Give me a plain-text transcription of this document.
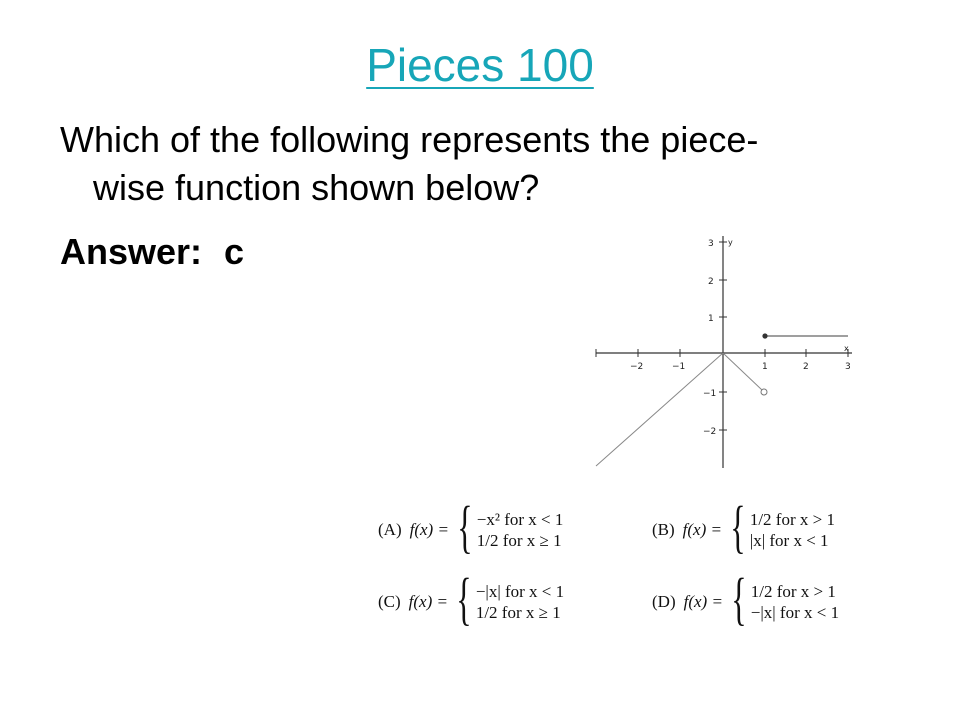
Pieces 100
Which of the following represents the piece-
wise function shown below?
Answer: c
−2	−1	1	2	3
3
2
1
−1
−2
x
y
(A) f(x) = { −x² for x < 1
1/2 for x ≥ 1
(B) f(x) = { 1/2 for x > 1
|x| for x < 1
(C) f(x) = { −|x| for x < 1
1/2 for x ≥ 1
(D) f(x) = { 1/2 for x > 1
−|x| for x < 1
